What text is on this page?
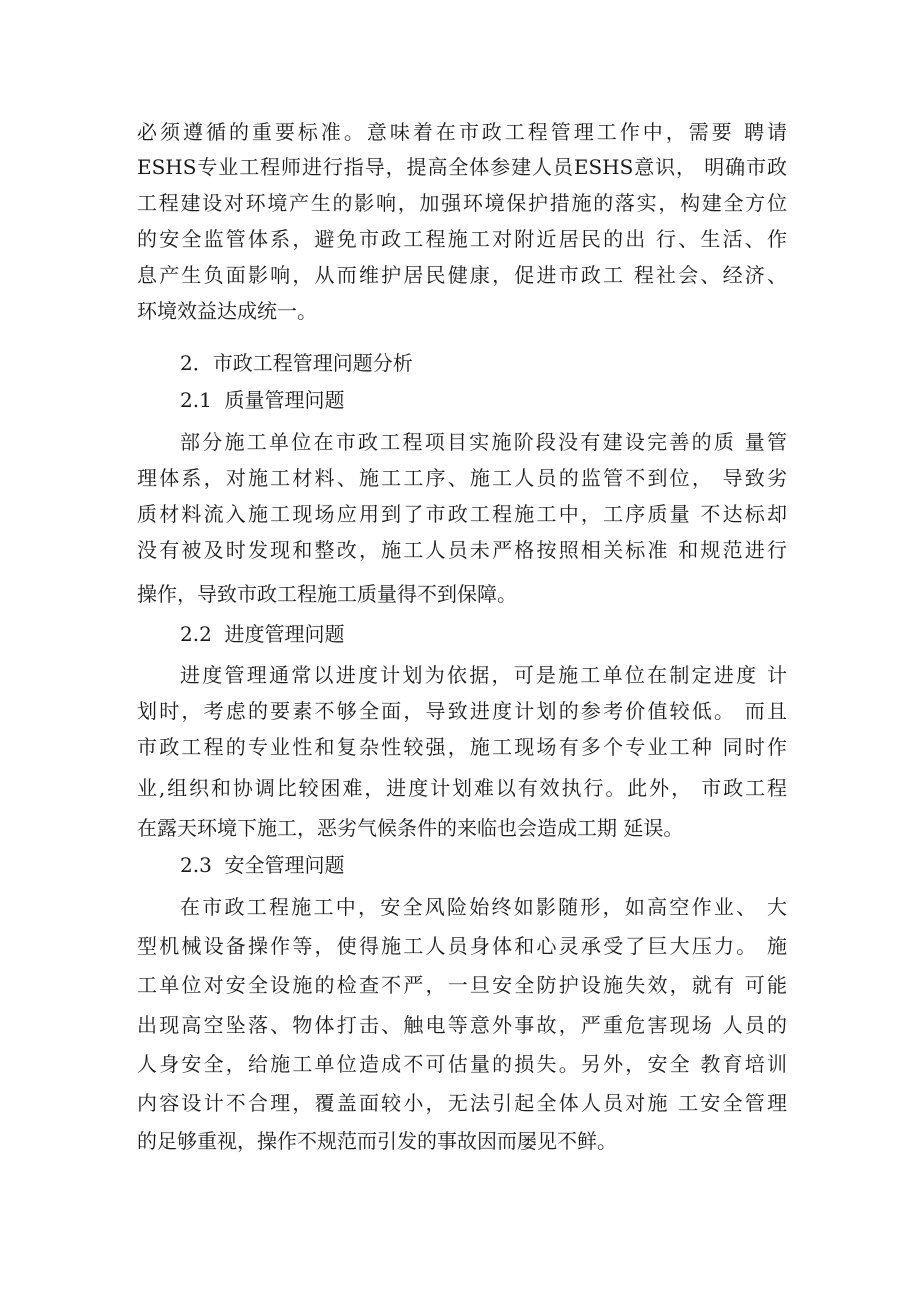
必须遵循的重要标准。意味着在市政工程管理工作中，需要 聘请
ESHS专业工程师进行指导，提高全体参建人员ESHS意识， 明确市政
工程建设对环境产生的影响，加强环境保护措施的落实，构建全方位
的安全监管体系，避免市政工程施工对附近居民的出 行、生活、作
息产生负面影响，从而维护居民健康，促进市政工 程社会、经济、
环境效益达成统一。
2．市政工程管理问题分析
2.1  质量管理问题
部分施工单位在市政工程项目实施阶段没有建设完善的质 量管
理体系，对施工材料、施工工序、施工人员的监管不到位， 导致劣
质材料流入施工现场应用到了市政工程施工中，工序质量 不达标却
没有被及时发现和整改，施工人员未严格按照相关标准 和规范进行
操作，导致市政工程施工质量得不到保障。
2.2  进度管理问题
进度管理通常以进度计划为依据，可是施工单位在制定进度 计
划时，考虑的要素不够全面，导致进度计划的参考价值较低。 而且
市政工程的专业性和复杂性较强，施工现场有多个专业工种 同时作
业,组织和协调比较困难，进度计划难以有效执行。此外， 市政工程
在露天环境下施工，恶劣气候条件的来临也会造成工期 延误。
2.3  安全管理问题
在市政工程施工中，安全风险始终如影随形，如高空作业、 大
型机械设备操作等，使得施工人员身体和心灵承受了巨大压力。 施
工单位对安全设施的检查不严，一旦安全防护设施失效，就有 可能
出现高空坠落、物体打击、触电等意外事故，严重危害现场 人员的
人身安全，给施工单位造成不可估量的损失。另外，安全 教育培训
内容设计不合理，覆盖面较小，无法引起全体人员对施 工安全管理
的足够重视，操作不规范而引发的事故因而屡见不鲜。
